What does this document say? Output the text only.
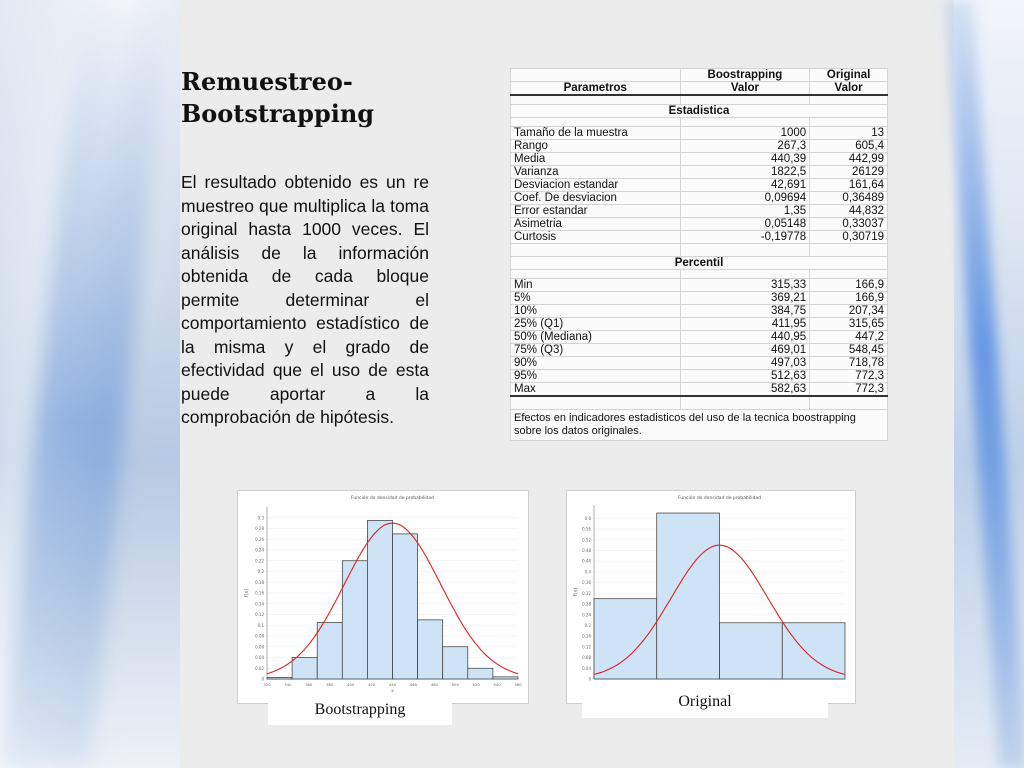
Remuestreo-
Bootstrapping

El resultado obtenido es un re muestreo que multiplica la toma original hasta 1000 veces. El análisis de la información obtenida de cada bloque permite determinar el comportamiento estadístico de la misma y el grado de efectividad que el uso de esta puede aportar a la comprobación de hipótesis.

	Boostrapping	Original
Parametros	Valor	Valor

Estadistica		

Tamaño de la muestra	1000	13
Rango	267,3	605,4
Media	440,39	442,99
Varianza	1822,5	26129
Desviacion estandar	42,691	161,64
Coef. De desviacion	0,09694	0,36489
Error estandar	1,35	44,832
Asimetria	0,05148	0,33037
Curtosis	-0,19778	0,30719

Percentil		

Min	315,33	166,9
5%	369,21	166,9
10%	384,75	207,34
25% (Q1)	411,95	315,65
50% (Mediana)	440,95	447,2
75% (Q3)	469,01	548,45
90%	497,03	718,78
95%	512,63	772,3
Max	582,63	772,3

Efectos en indicadores estadisticos del uso de la tecnica boostrapping sobre los datos originales.		
Función de densidad de probabilidad
0
0.02
0.04
0.06
0.08
0.1
0.12
0.14
0.16
0.18
0.2
0.22
0.24
0.26
0.28
0.3
f(x)
320	340	360	380	400	420	440	460	480	500	520	540	560
x
Bootstrapping
Función de densidad de probabilidad
0
0.04
0.08
0.12
0.16
0.2
0.24
0.28
0.32
0.36
0.4
0.44
0.48
0.52
0.56
0.6
f(x)
Original
